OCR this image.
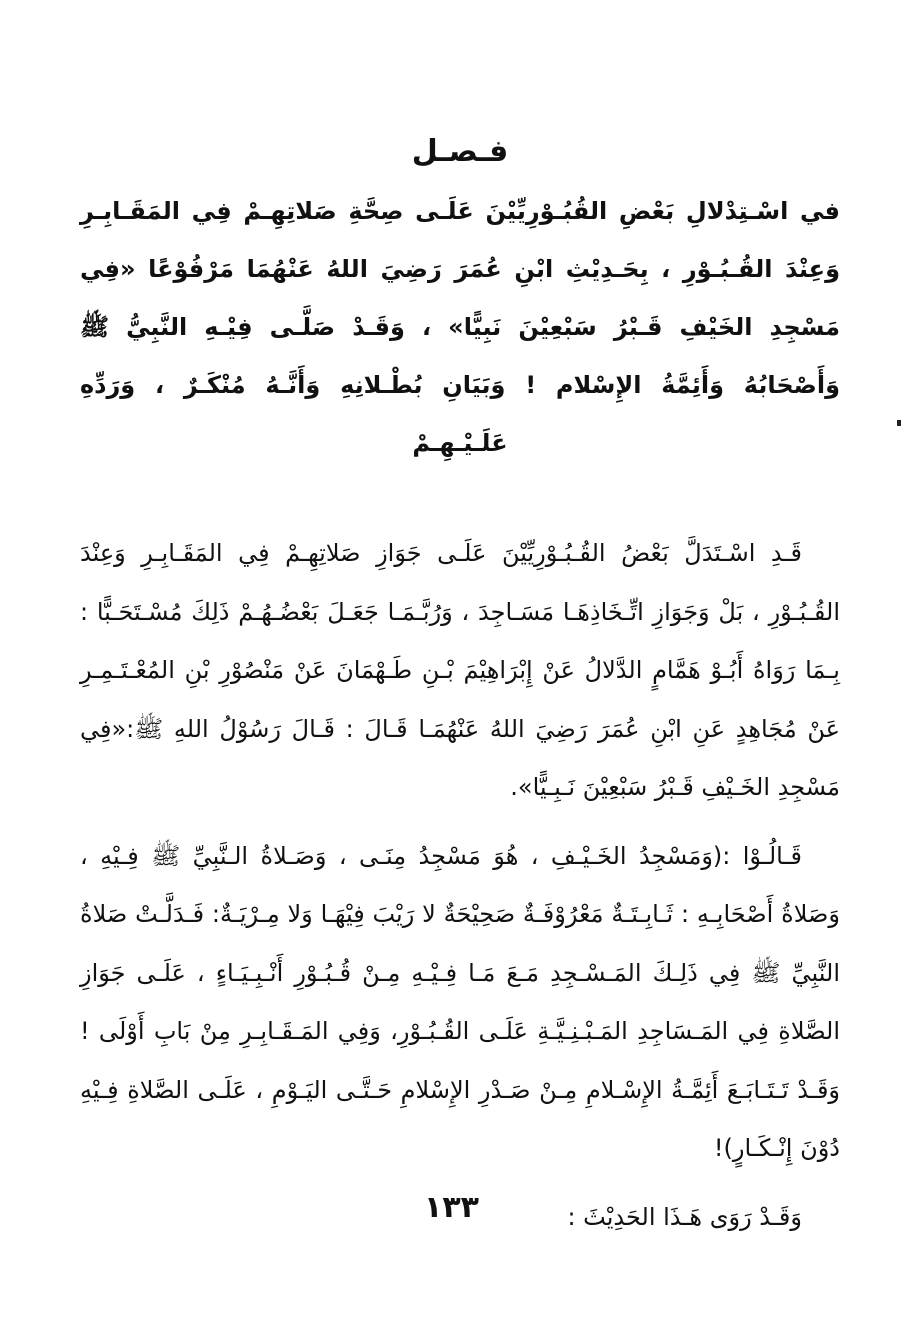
فـصـل

في اسْـتِدْلالِ بَعْضِ القُبُـوْرِيِّيْنَ عَلَـى صِحَّةِ صَلاتِهِـمْ فِي المَقَـابِـرِ وَعِنْدَ القُـبُـوْرِ ، بِحَـدِيْثِ ابْنِ عُمَرَ رَضِيَ اللهُ عَنْهُمَا مَرْفُوْعًا «فِي مَسْجِدِ الخَيْفِ قَـبْرُ سَبْعِيْنَ نَبِيًّا» ، وَقَـدْ صَلَّـى فِيْـهِ النَّبِيُّ ﷺ وَأَصْحَابُهُ وَأَئِمَّةُ الإِسْلام ! وَبَيَانِ بُطْـلانِهِ وَأَنَّـهُ مُنْكَـرٌ ، وَرَدِّهِ عَلَـيْـهِـمْ

قَـدِ اسْـتَدَلَّ بَعْضُ القُـبُـوْرِيِّيْنَ عَلَـى جَوَازِ صَلاتِهِـمْ فِي المَقَـابِـرِ وَعِنْدَ القُـبُـوْرِ ، بَلْ وَجَوَازِ اتِّـخَاذِهَـا مَسَـاجِدَ ، وَرُبَّـمَـا جَعَـلَ بَعْضُـهُـمْ ذَلِكَ مُسْـتَحَـبًّا : بِـمَا رَوَاهُ أَبُـوْ هَمَّامٍ الدَّلالُ عَنْ إِبْرَاهِيْمَ بْـنِ طَـهْمَانَ عَنْ مَنْصُوْرِ بْنِ المُعْـتَـمِـرِ عَنْ مُجَاهِدٍ عَنِ ابْنِ عُمَرَ رَضِيَ اللهُ عَنْهُمَـا قَـالَ : قَـالَ رَسُوْلُ اللهِ ﷺ:«فِي مَسْجِدِ الخَـيْفِ قَـبْرُ سَبْعِيْنَ نَـبِـيًّا».

قَـالُـوْا :(وَمَسْجِدُ الخَـيْـفِ ، هُوَ مَسْجِدُ مِنَـى ، وَصَـلاةُ الـنَّبِيِّ ﷺ فِـيْهِ ، وَصَلاةُ أَصْحَابِـهِ : ثَـابِـتَـةٌ مَعْرُوْفَـةٌ صَحِيْحَةٌ لا رَيْبَ فِيْهَـا وَلا مِـرْيَـةٌ: فَـدَلَّـتْ صَلاةُ النَّبِيِّ ﷺ فِي ذَلِـكَ المَـسْـجِدِ مَـعَ مَـا فِـيْـهِ مِـنْ قُـبُـوْرِ أَنْـبِـيَـاءٍ ، عَلَـى جَوَازِ الصَّلاةِ فِي المَـسَاجِدِ المَـبْـنِـيَّـةِ عَلَـى القُـبُـوْرِ، وَفِي المَـقَـابِـرِ مِنْ بَابِ أَوْلَى ! وَقَـدْ تَـتَـابَـعَ أَئِمَّـةُ الإِسْـلامِ مِـنْ صَـدْرِ الإِسْلامِ حَـتَّـى اليَـوْمِ ، عَلَـى الصَّلاةِ فِـيْهِ دُوْنَ إِنْـكَـارٍ)!

وَقَـدْ رَوَى هَـذَا الحَدِيْثَ :

١٣٣
